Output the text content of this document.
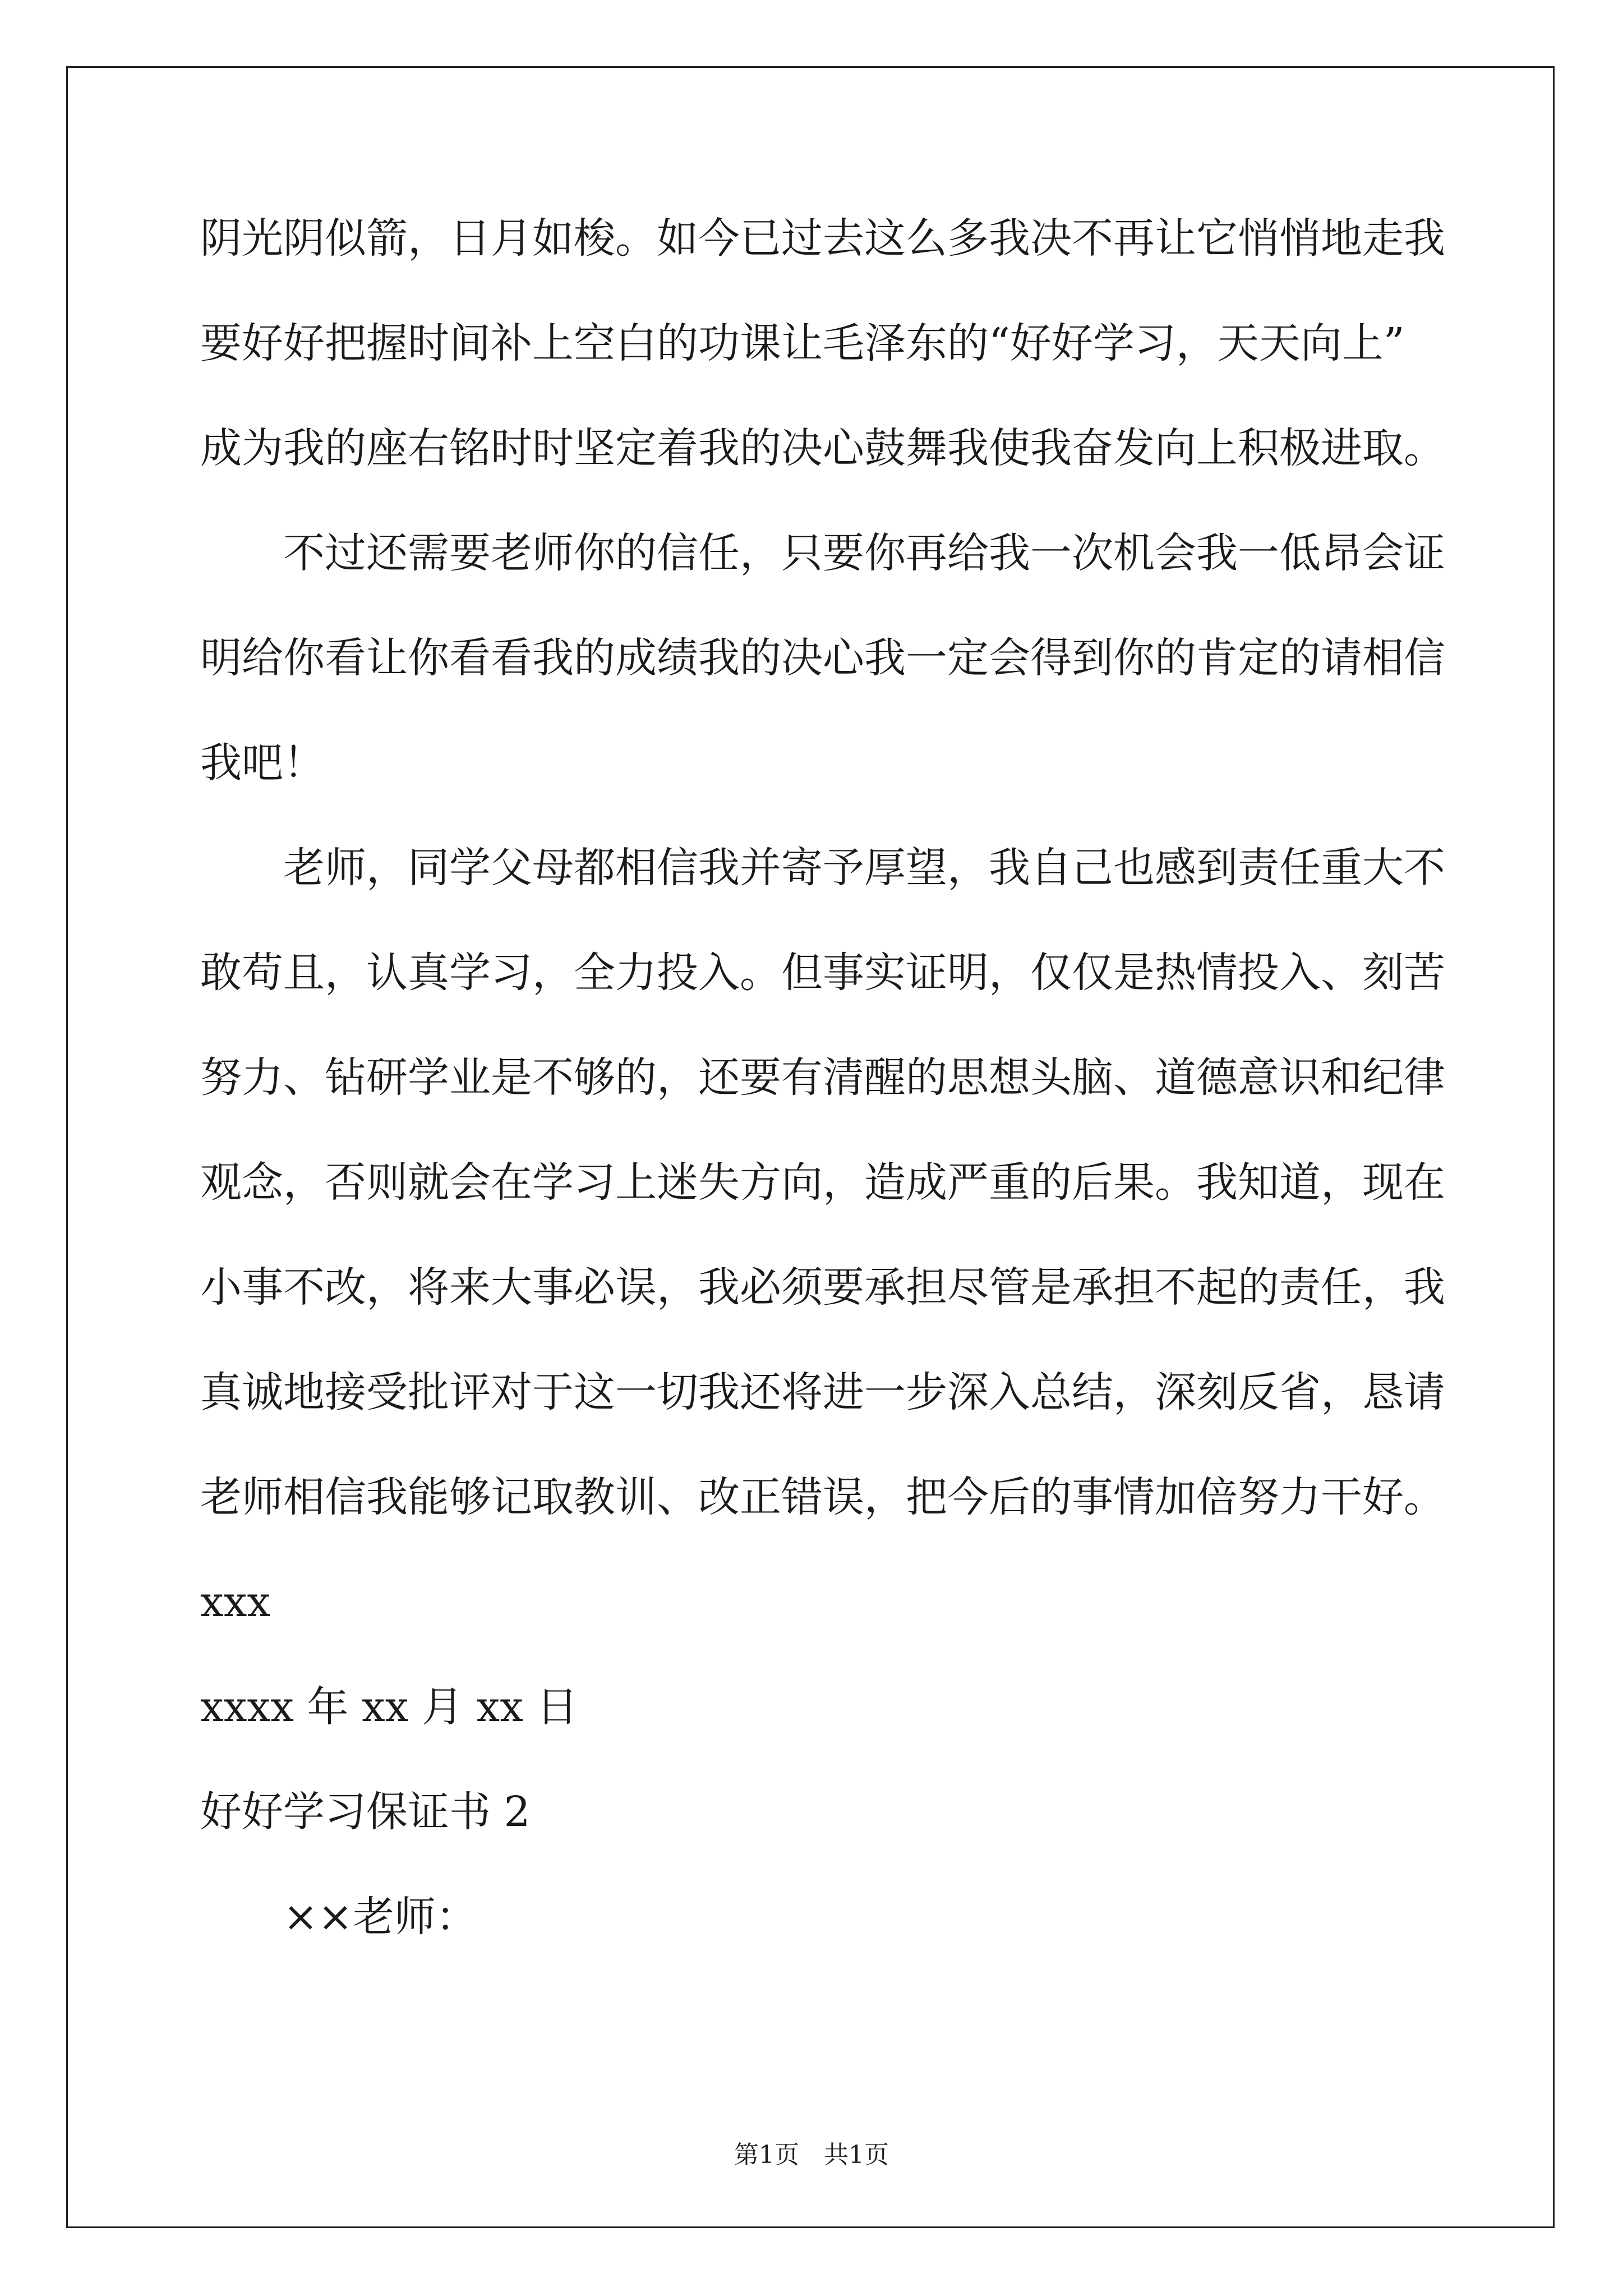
阴光阴似箭，日月如梭。如今已过去这么多我决不再让它悄悄地走我
要好好把握时间补上空白的功课让毛泽东的“好好学习，天天向上”
成为我的座右铭时时坚定着我的决心鼓舞我使我奋发向上积极进取。
不过还需要老师你的信任，只要你再给我一次机会我一低昂会证
明给你看让你看看我的成绩我的决心我一定会得到你的肯定的请相信
我吧！
老师，同学父母都相信我并寄予厚望，我自己也感到责任重大不
敢苟且，认真学习，全力投入。但事实证明，仅仅是热情投入、刻苦
努力、钻研学业是不够的，还要有清醒的思想头脑、道德意识和纪律
观念，否则就会在学习上迷失方向，造成严重的后果。我知道，现在
小事不改，将来大事必误，我必须要承担尽管是承担不起的责任，我
真诚地接受批评对于这一切我还将进一步深入总结，深刻反省，恳请
老师相信我能够记取教训、改正错误，把今后的事情加倍努力干好。
xxx
xxxx 年 xx 月 xx 日
好好学习保证书 2
××老师：
第1页　共1页
